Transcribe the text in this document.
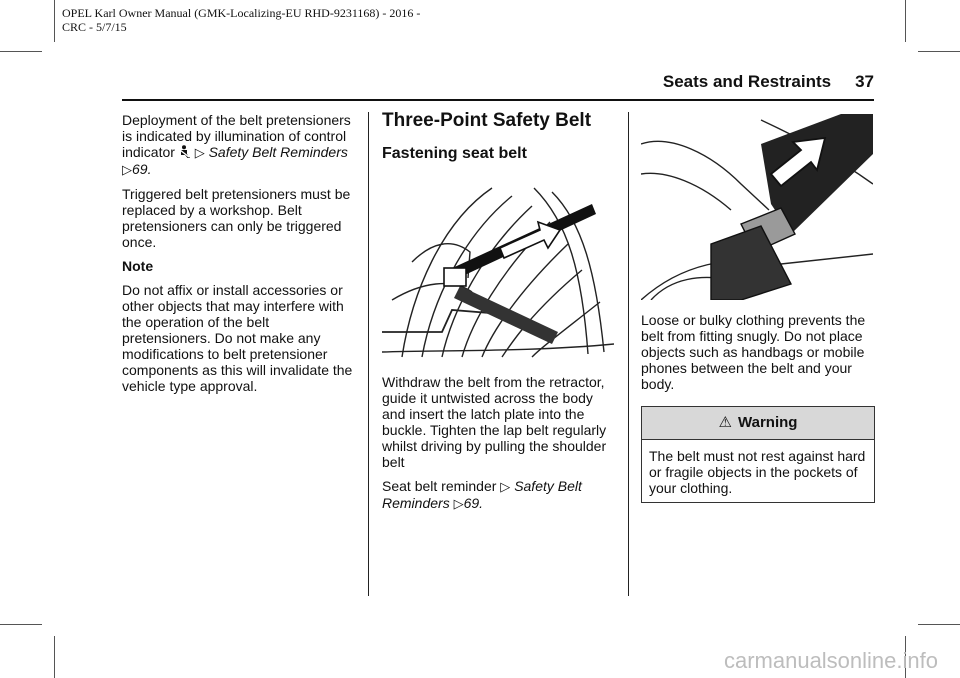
OPEL Karl Owner Manual (GMK-Localizing-EU RHD-9231168) - 2016 -
CRC - 5/7/15
Seats and Restraints 37

Deployment of the belt pretensioners is indicated by illumination of control indicator ▷ Safety Belt Reminders ▷69.

Triggered belt pretensioners must be replaced by a workshop. Belt pretensioners can only be triggered once.

Note

Do not affix or install accessories or other objects that may interfere with the operation of the belt pretensioners. Do not make any modifications to belt pretensioner components as this will invalidate the vehicle type approval.

Three-Point Safety Belt
Fastening seat belt

Withdraw the belt from the retractor, guide it untwisted across the body and insert the latch plate into the buckle. Tighten the lap belt regularly whilst driving by pulling the shoulder belt

Seat belt reminder ▷ Safety Belt Reminders ▷69.

Loose or bulky clothing prevents the belt from fitting snugly. Do not place objects such as handbags or mobile phones between the belt and your body.

⚠ Warning
The belt must not rest against hard or fragile objects in the pockets of your clothing.
carmanualsonline.info
